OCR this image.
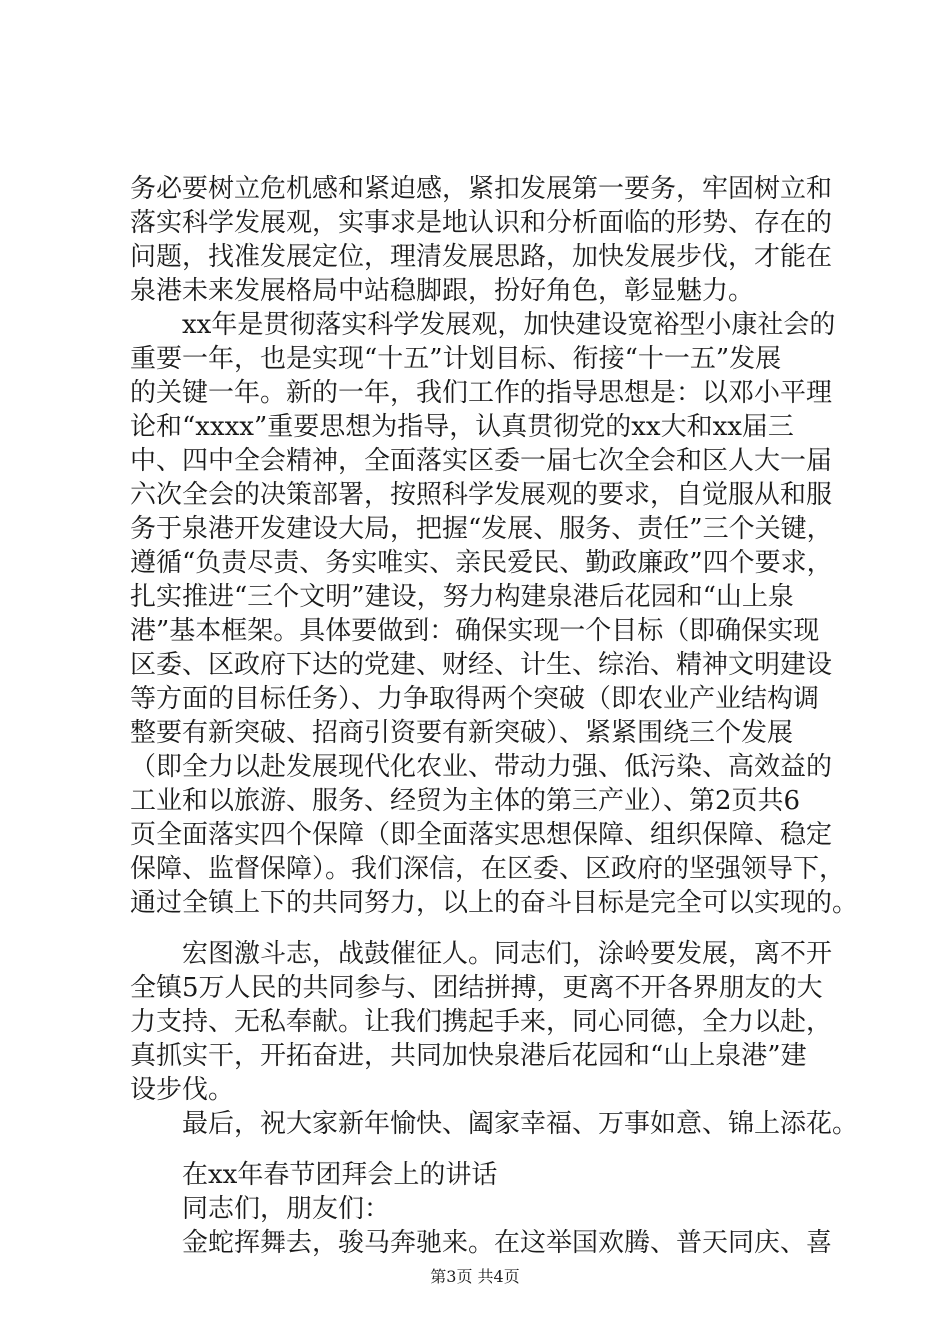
务必要树立危机感和紧迫感，紧扣发展第一要务，牢固树立和
落实科学发展观，实事求是地认识和分析面临的形势、存在的
问题，找准发展定位，理清发展思路，加快发展步伐，才能在
泉港未来发展格局中站稳脚跟，扮好角色，彰显魅力。
xx年是贯彻落实科学发展观，加快建设宽裕型小康社会的
重要一年，也是实现“十五”计划目标、衔接“十一五”发展
的关键一年。新的一年，我们工作的指导思想是：以邓小平理
论和“xxxx”重要思想为指导，认真贯彻党的xx大和xx届三
中、四中全会精神，全面落实区委一届七次全会和区人大一届
六次全会的决策部署，按照科学发展观的要求，自觉服从和服
务于泉港开发建设大局，把握“发展、服务、责任”三个关键，
遵循“负责尽责、务实唯实、亲民爱民、勤政廉政”四个要求，
扎实推进“三个文明”建设，努力构建泉港后花园和“山上泉
港”基本框架。具体要做到：确保实现一个目标（即确保实现
区委、区政府下达的党建、财经、计生、综治、精神文明建设
等方面的目标任务）、力争取得两个突破（即农业产业结构调
整要有新突破、招商引资要有新突破）、紧紧围绕三个发展
（即全力以赴发展现代化农业、带动力强、低污染、高效益的
工业和以旅游、服务、经贸为主体的第三产业）、第2页共6
页全面落实四个保障（即全面落实思想保障、组织保障、稳定
保障、监督保障）。我们深信，在区委、区政府的坚强领导下，
通过全镇上下的共同努力，以上的奋斗目标是完全可以实现的。
宏图激斗志，战鼓催征人。同志们，涂岭要发展，离不开
全镇5万人民的共同参与、团结拼搏，更离不开各界朋友的大
力支持、无私奉献。让我们携起手来，同心同德，全力以赴，
真抓实干，开拓奋进，共同加快泉港后花园和“山上泉港”建
设步伐。
最后，祝大家新年愉快、阖家幸福、万事如意、锦上添花。
在xx年春节团拜会上的讲话
同志们，朋友们：
金蛇挥舞去，骏马奔驰来。在这举国欢腾、普天同庆、喜
第3页 共4页
